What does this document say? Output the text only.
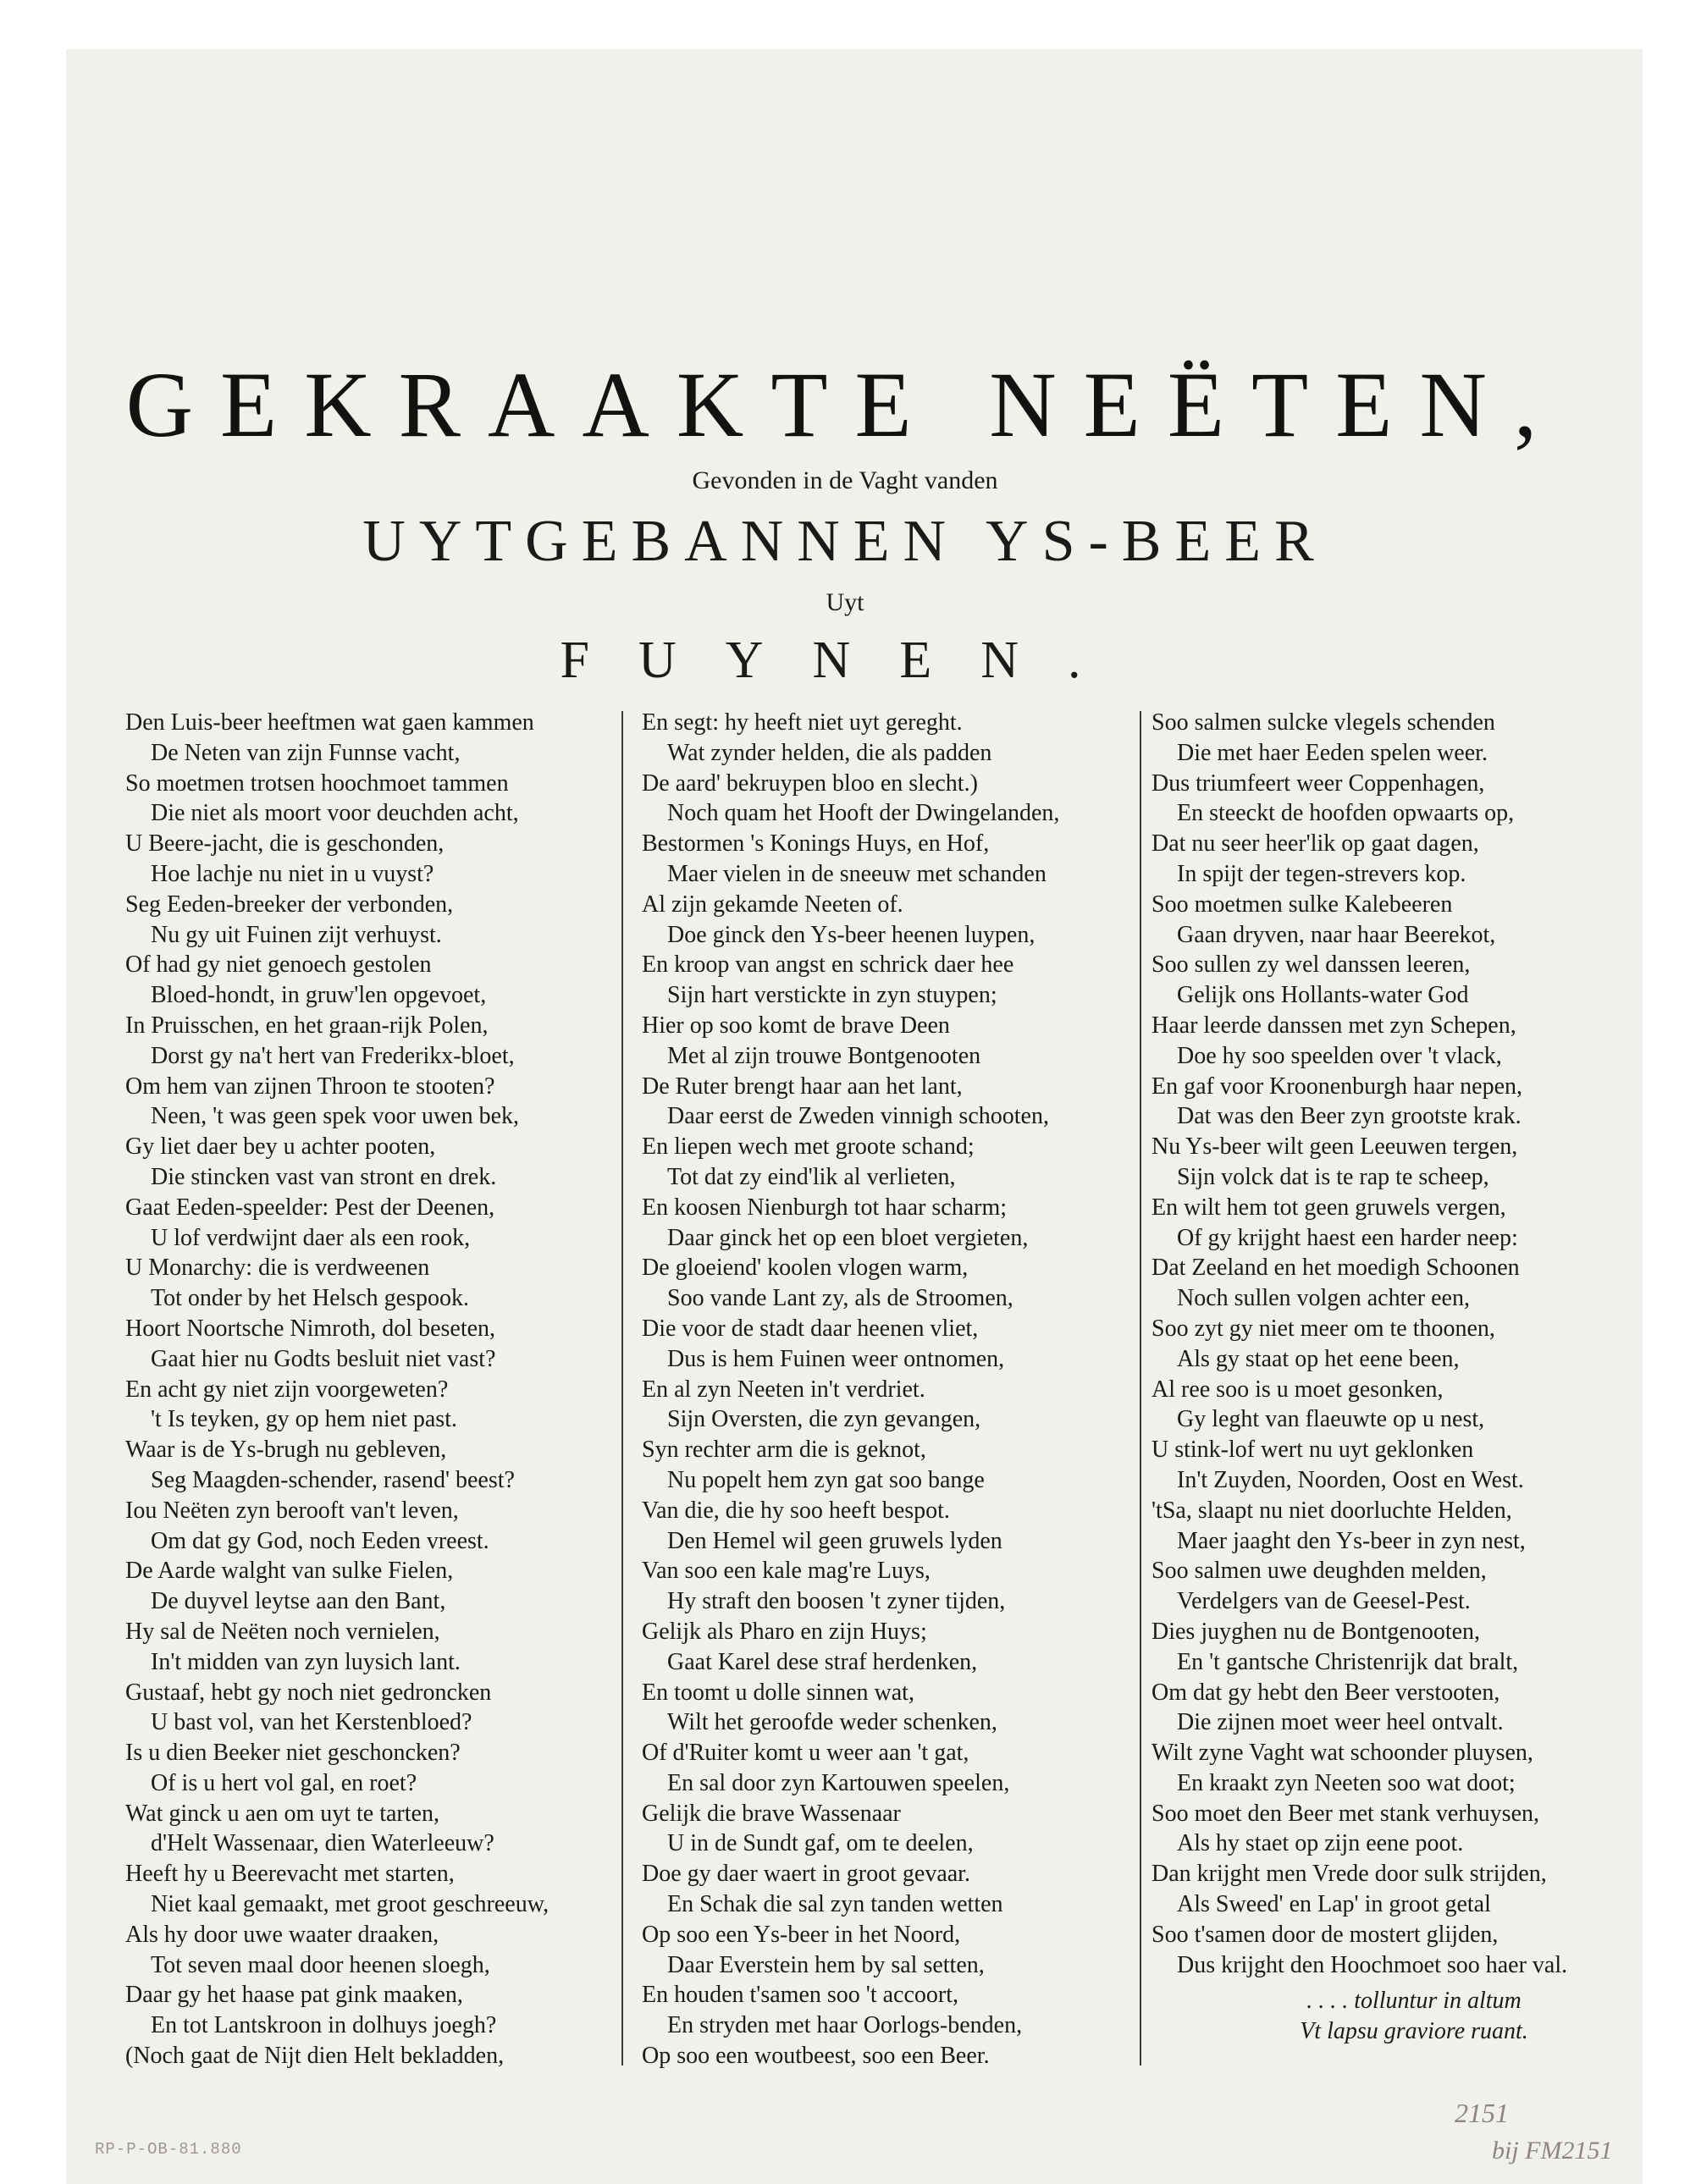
GEKRAAKTE NEËTEN,
Gevonden in de Vaght vanden
UYTGEBANNEN YS-BEER
Uyt
FUYNEN.
Den Luis-beer heeftmen wat gaen kammen
De Neten van zijn Funnse vacht,
So moetmen trotsen hoochmoet tammen
Die niet als moort voor deuchden acht,
U Beere-jacht, die is geschonden,
Hoe lachje nu niet in u vuyst?
Seg Eeden-breeker der verbonden,
Nu gy uit Fuinen zijt verhuyst.
Of had gy niet genoech gestolen
Bloed-hondt, in gruw'len opgevoet,
In Pruisschen, en het graan-rijk Polen,
Dorst gy na't hert van Frederikx-bloet,
Om hem van zijnen Throon te stooten?
Neen, 't was geen spek voor uwen bek,
Gy liet daer bey u achter pooten,
Die stincken vast van stront en drek.
Gaat Eeden-speelder: Pest der Deenen,
U lof verdwijnt daer als een rook,
U Monarchy: die is verdweenen
Tot onder by het Helsch gespook.
Hoort Noortsche Nimroth, dol beseten,
Gaat hier nu Godts besluit niet vast?
En acht gy niet zijn voorgeweten?
't Is teyken, gy op hem niet past.
Waar is de Ys-brugh nu gebleven,
Seg Maagden-schender, rasend' beest?
Iou Neëten zyn berooft van't leven,
Om dat gy God, noch Eeden vreest.
De Aarde walght van sulke Fielen,
De duyvel leytse aan den Bant,
Hy sal de Neëten noch vernielen,
In't midden van zyn luysich lant.
Gustaaf, hebt gy noch niet gedroncken
U bast vol, van het Kerstenbloed?
Is u dien Beeker niet geschoncken?
Of is u hert vol gal, en roet?
Wat ginck u aen om uyt te tarten,
d'Helt Wassenaar, dien Waterleeuw?
Heeft hy u Beerevacht met starten,
Niet kaal gemaakt, met groot geschreeuw,
Als hy door uwe waater draaken,
Tot seven maal door heenen sloegh,
Daar gy het haase pat gink maaken,
En tot Lantskroon in dolhuys joegh?
(Noch gaat de Nijt dien Helt bekladden,
En segt: hy heeft niet uyt gereght.
Wat zynder helden, die als padden
De aard' bekruypen bloo en slecht.)
Noch quam het Hooft der Dwingelanden,
Bestormen 's Konings Huys, en Hof,
Maer vielen in de sneeuw met schanden
Al zijn gekamde Neeten of.
Doe ginck den Ys-beer heenen luypen,
En kroop van angst en schrick daer hee
Sijn hart verstickte in zyn stuypen;
Hier op soo komt de brave Deen
Met al zijn trouwe Bontgenooten
De Ruter brengt haar aan het lant,
Daar eerst de Zweden vinnigh schooten,
En liepen wech met groote schand;
Tot dat zy eind'lik al verlieten,
En koosen Nienburgh tot haar scharm;
Daar ginck het op een bloet vergieten,
De gloeiend' koolen vlogen warm,
Soo vande Lant zy, als de Stroomen,
Die voor de stadt daar heenen vliet,
Dus is hem Fuinen weer ontnomen,
En al zyn Neeten in't verdriet.
Sijn Oversten, die zyn gevangen,
Syn rechter arm die is geknot,
Nu popelt hem zyn gat soo bange
Van die, die hy soo heeft bespot.
Den Hemel wil geen gruwels lyden
Van soo een kale mag're Luys,
Hy straft den boosen 't zyner tijden,
Gelijk als Pharo en zijn Huys;
Gaat Karel dese straf herdenken,
En toomt u dolle sinnen wat,
Wilt het geroofde weder schenken,
Of d'Ruiter komt u weer aan 't gat,
En sal door zyn Kartouwen speelen,
Gelijk die brave Wassenaar
U in de Sundt gaf, om te deelen,
Doe gy daer waert in groot gevaar.
En Schak die sal zyn tanden wetten
Op soo een Ys-beer in het Noord,
Daar Everstein hem by sal setten,
En houden t'samen soo 't accoort,
En stryden met haar Oorlogs-benden,
Op soo een woutbeest, soo een Beer.
Soo salmen sulcke vlegels schenden
Die met haer Eeden spelen weer.
Dus triumfeert weer Coppenhagen,
En steeckt de hoofden opwaarts op,
Dat nu seer heer'lik op gaat dagen,
In spijt der tegen-strevers kop.
Soo moetmen sulke Kalebeeren
Gaan dryven, naar haar Beerekot,
Soo sullen zy wel danssen leeren,
Gelijk ons Hollants-water God
Haar leerde danssen met zyn Schepen,
Doe hy soo speelden over 't vlack,
En gaf voor Kroonenburgh haar nepen,
Dat was den Beer zyn grootste krak.
Nu Ys-beer wilt geen Leeuwen tergen,
Sijn volck dat is te rap te scheep,
En wilt hem tot geen gruwels vergen,
Of gy krijght haest een harder neep:
Dat Zeeland en het moedigh Schoonen
Noch sullen volgen achter een,
Soo zyt gy niet meer om te thoonen,
Als gy staat op het eene been,
Al ree soo is u moet gesonken,
Gy leght van flaeuwte op u nest,
U stink-lof wert nu uyt geklonken
In't Zuyden, Noorden, Oost en West.
'tSa, slaapt nu niet doorluchte Helden,
Maer jaaght den Ys-beer in zyn nest,
Soo salmen uwe deughden melden,
Verdelgers van de Geesel-Pest.
Dies juyghen nu de Bontgenooten,
En 't gantsche Christenrijk dat bralt,
Om dat gy hebt den Beer verstooten,
Die zijnen moet weer heel ontvalt.
Wilt zyne Vaght wat schoonder pluysen,
En kraakt zyn Neeten soo wat doot;
Soo moet den Beer met stank verhuysen,
Als hy staet op zijn eene poot.
Dan krijght men Vrede door sulk strijden,
Als Sweed' en Lap' in groot getal
Soo t'samen door de mostert glijden,
Dus krijght den Hoochmoet soo haer val.
. . . . tolluntur in altum
Vt lapsu graviore ruant.
RP-P-OB-81.880
2151
bij FM2151
